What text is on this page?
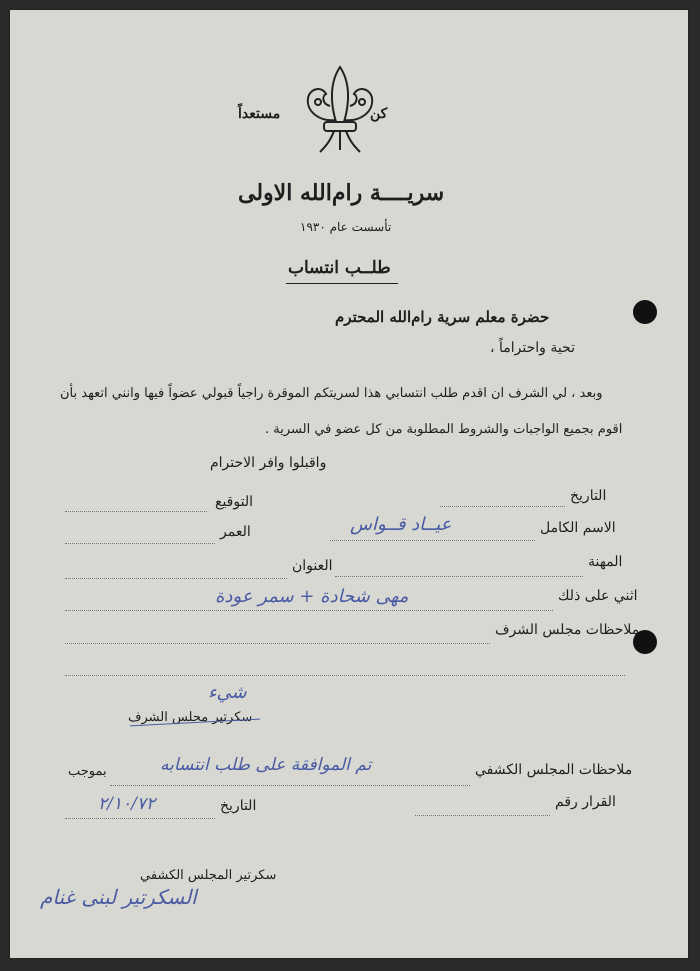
كن
مستعداً
سريــــة رام‌الله الاولى
تأسست عام ١٩٣٠
طلــب انتساب
حضرة معلم سرية رام‌الله المحترم
تحية واحتراماً ،
وبعد ، لي الشرف ان اقدم طلب انتسابي هذا لسريتكم الموقرة راجياً قبولي عضواً فيها وانني اتعهد بأن
اقوم بجميع الواجبات والشروط المطلوبة من كل عضو في السرية .
واقبلوا وافر الاحترام
التاريخ
التوقيع
الاسم الكامل
عيــاد قــواس
العمر
المهنة
العنوان
اثني على ذلك
مهى شحادة + سمر عودة
ملاحظات مجلس الشرف
شيء
سكرتير مجلس الشرف
ملاحظات المجلس الكشفي
تم الموافقة على طلب انتسابه
بموجب
القرار رقم
التاريخ
٢/١٠/٧٢
سكرتير المجلس الكشفي
السكرتير لبنى غنام
